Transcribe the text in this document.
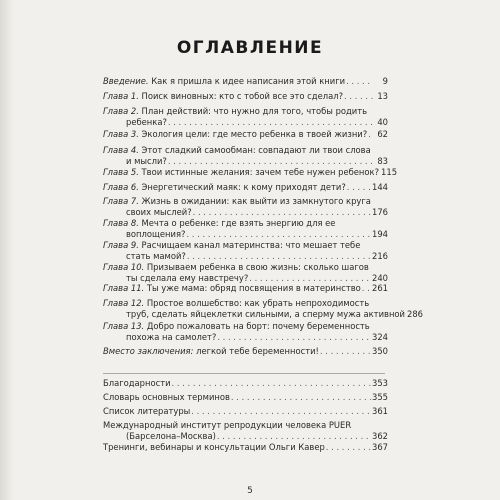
ОГЛАВЛЕНИЕ
Введение. Как я пришла к идее написания этой книги . . .	9
Глава 1. Поиск виновных: кто с тобой все это сделал? . . .	13
Глава 2. План действий: что нужно для того, чтобы родить
ребенка? . . .	40
Глава 3. Экология цели: где место ребенка в твоей жизни? . . .	62
Глава 4. Этот сладкий самообман: совпадают ли твои слова
и мысли? . . .	83
Глава 5. Твои истинные желания: зачем тебе нужен ребенок? 115
Глава 6. Энергетический маяк: к кому приходят дети? . . .	144
Глава 7. Жизнь в ожидании: как выйти из замкнутого круга
своих мыслей? . . .	176
Глава 8. Мечта о ребенке: где взять энергию для ее
воплощения? . . .	194
Глава 9. Расчищаем канал материнства: что мешает тебе
стать мамой? . . .	216
Глава 10. Призываем ребенка в свою жизнь: сколько шагов
ты сделала ему навстречу? . . .	240
Глава 11. Ты уже мама: обряд посвящения в материнство . . . 261
Глава 12. Простое волшебство: как убрать непроходимость
труб, сделать яйцеклетки сильными, а сперму мужа активной 286
Глава 13. Добро пожаловать на борт: почему беременность
похожа на самолет? . . .	324
Вместо заключения: легкой тебе беременности! . . .	350
Благодарности . . .	353
Словарь основных терминов . . .	355
Список литературы . . .	361
Международный институт репродукции человека PUER
(Барселона–Москва) . . .	362
Тренинги, вебинары и консультации Ольги Кавер . . .	367
5
